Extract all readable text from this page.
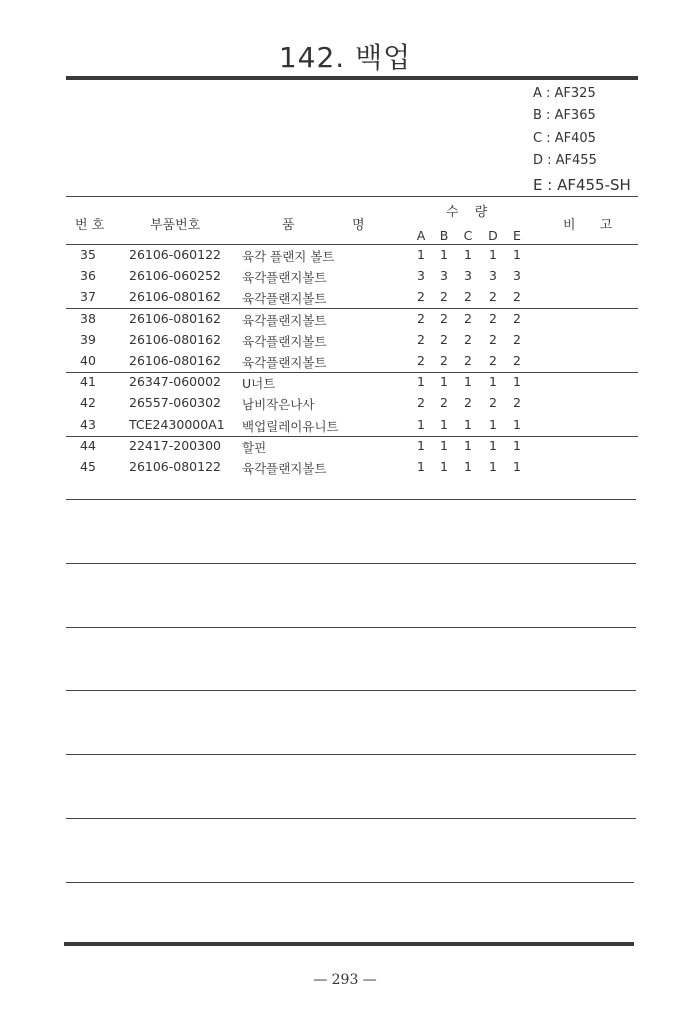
142. 백업
A : AF325
B : AF365
C : AF405
D : AF455
E : AF455-SH
번 호	부품번호	품	명
수 량
비 고
A B C D E
35	26106-060122 육각 플랜지 볼트	1 1 1 1 1
36	26106-060252 육각플랜지볼트	3 3 3 3 3
37	26106-080162 육각플랜지볼트	2 2 2 2 2
38	26106-080162 육각플랜지볼트	2 2 2 2 2
39	26106-080162 육각플랜지볼트	2 2 2 2 2
40	26106-080162 육각플랜지볼트	2 2 2 2 2
41	26347-060002 U너트	1 1 1 1 1
42	26557-060302 남비작은나사	2 2 2 2 2
43	TCE2430000A1 백업릴레이유니트	1 1 1 1 1
44	22417-200300 할핀	1 1 1 1 1
45	26106-080122 육각플랜지볼트	1 1 1 1 1
— 293 —
